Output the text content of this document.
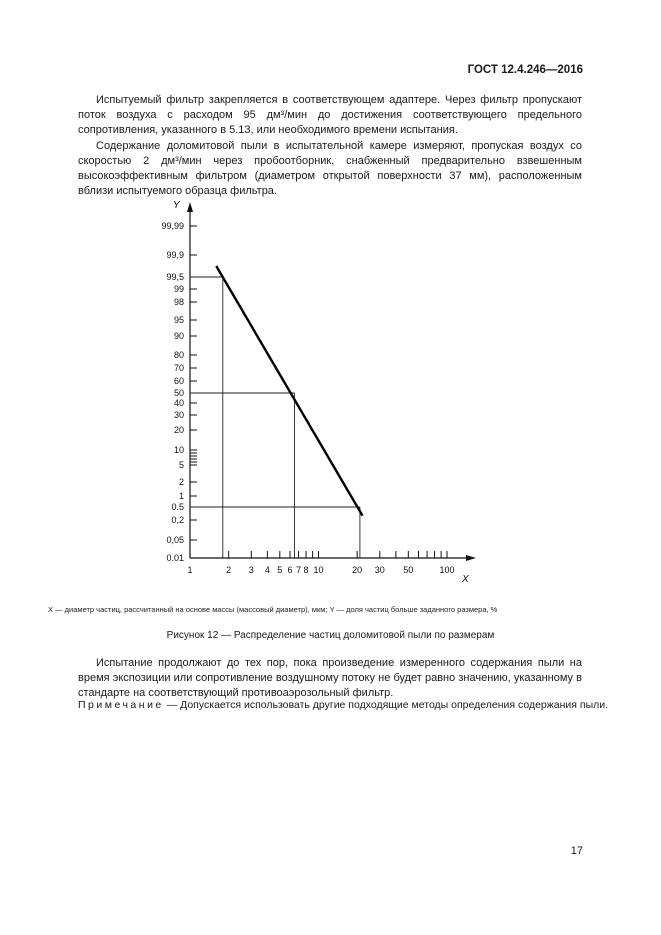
ГОСТ 12.4.246—2016
Испытуемый фильтр закрепляется в соответствующем адаптере. Через фильтр пропускают поток воздуха с расходом 95 дм³/мин до достижения соответствующего предельного сопротивления, указанного в 5.13, или необходимого времени испытания.
Содержание доломитовой пыли в испытательной камере измеряют, пропуская воздух со скоростью 2 дм³/мин через пробоотборник, снабженный предварительно взвешенным высокоэффективным фильтром (диаметром открытой поверхности 37 мм), расположенным вблизи испытуемого образца фильтра.
Y
X
99,99
99,9
99,5
99
98
95
90
80
70
60
50
40
30
20
10
5
2
1
0.5
0,2
0,05
0.01
1	2 3 4 5 6 7 8 10	20 30 50	100
X — диаметр частиц, рассчитанный на основе массы (массовый диаметр), мкм; Y — доля частиц больше заданного размера, %
Рисунок 12 — Распределение частиц доломитовой пыли по размерам
Испытание продолжают до тех пор, пока произведение измеренного содержания пыли на время экспозиции или сопротивление воздушному потоку не будет равно значению, указанному в стандарте на соответствующий противоаэрозольный фильтр.
Примечание — Допускается использовать другие подходящие методы определения содержания пыли.
17
